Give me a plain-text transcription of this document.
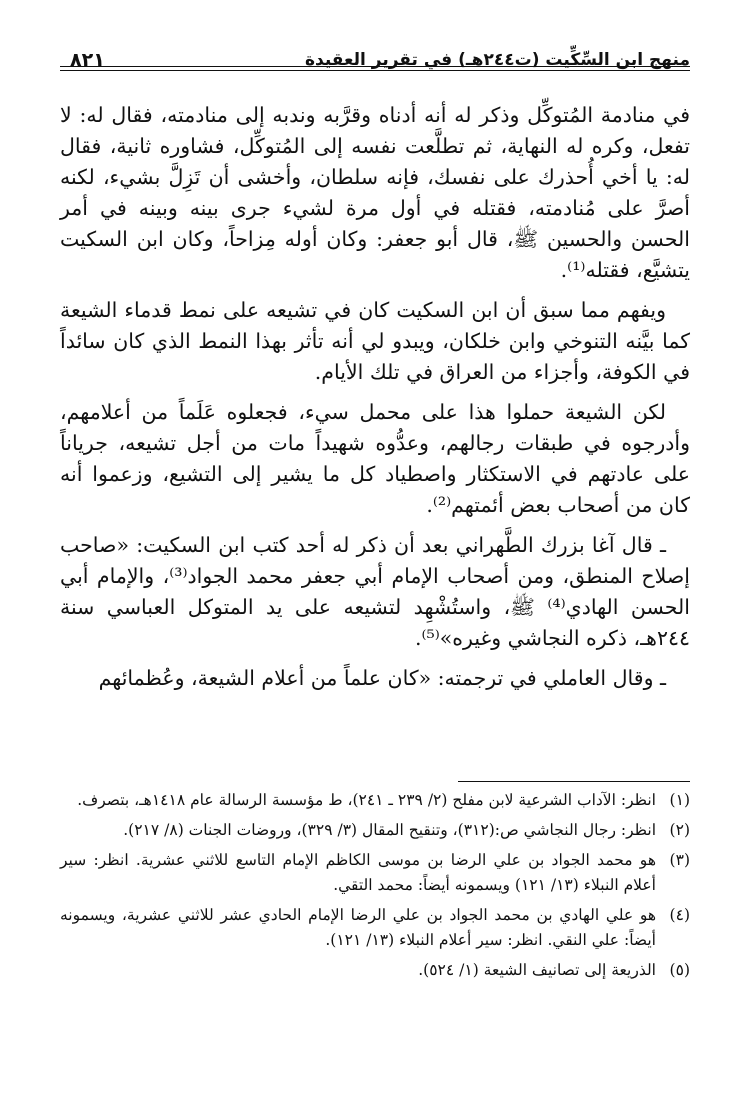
منهج ابن السِّكِّيت (ت٢٤٤هـ) في تقرير العقيدة
٨٢١

في منادمة المُتوكِّل وذكر له أنه أدناه وقرَّبه وندبه إلى منادمته، فقال له: لا تفعل، وكره له النهاية، ثم تطلَّعت نفسه إلى المُتوكِّل، فشاوره ثانية، فقال له: يا أخي أُحذرك على نفسك، فإنه سلطان، وأخشى أن تَزِلَّ بشيء، لكنه أصرَّ على مُنادمته، فقتله في أول مرة لشيء جرى بينه وبينه في أمر الحسن والحسين ﷺ، قال أبو جعفر: وكان أوله مِزاحاً، وكان ابن السكيت يتشيَّع، فقتله⁽¹⁾.

ويفهم مما سبق أن ابن السكيت كان في تشيعه على نمط قدماء الشيعة كما بيَّنه التنوخي وابن خلكان، ويبدو لي أنه تأثر بهذا النمط الذي كان سائداً في الكوفة، وأجزاء من العراق في تلك الأيام.

لكن الشيعة حملوا هذا على محمل سيء، فجعلوه عَلَماً من أعلامهم، وأدرجوه في طبقات رجالهم، وعدُّوه شهيداً مات من أجل تشيعه، جرياناً على عادتهم في الاستكثار واصطياد كل ما يشير إلى التشيع، وزعموا أنه كان من أصحاب بعض أئمتهم⁽²⁾.

ـ قال آغا بزرك الطَّهراني بعد أن ذكر له أحد كتب ابن السكيت: «صاحب إصلاح المنطق، ومن أصحاب الإمام أبي جعفر محمد الجواد⁽³⁾، والإمام أبي الحسن الهادي⁽⁴⁾ ﷺ، واستُشْهِد لتشيعه على يد المتوكل العباسي سنة ٢٤٤هـ، ذكره النجاشي وغيره»⁽⁵⁾.

ـ وقال العاملي في ترجمته: «كان علماً من أعلام الشيعة، وعُظمائهم

(١)
انظر: الآداب الشرعية لابن مفلح (٢/ ٢٣٩ ـ ٢٤١)، ط مؤسسة الرسالة عام ١٤١٨هـ، بتصرف.
(٢)
انظر: رجال النجاشي ص:(٣١٢)، وتنقيح المقال (٣/ ٣٢٩)، وروضات الجنات (٨/ ٢١٧).
(٣)
هو محمد الجواد بن علي الرضا بن موسى الكاظم الإمام التاسع للاثني عشرية. انظر: سير أعلام النبلاء (١٣/ ١٢١) ويسمونه أيضاً: محمد التقي.
(٤)
هو علي الهادي بن محمد الجواد بن علي الرضا الإمام الحادي عشر للاثني عشرية، ويسمونه أيضاً: علي النقي. انظر: سير أعلام النبلاء (١٣/ ١٢١).
(٥)
الذريعة إلى تصانيف الشيعة (١/ ٥٢٤).
